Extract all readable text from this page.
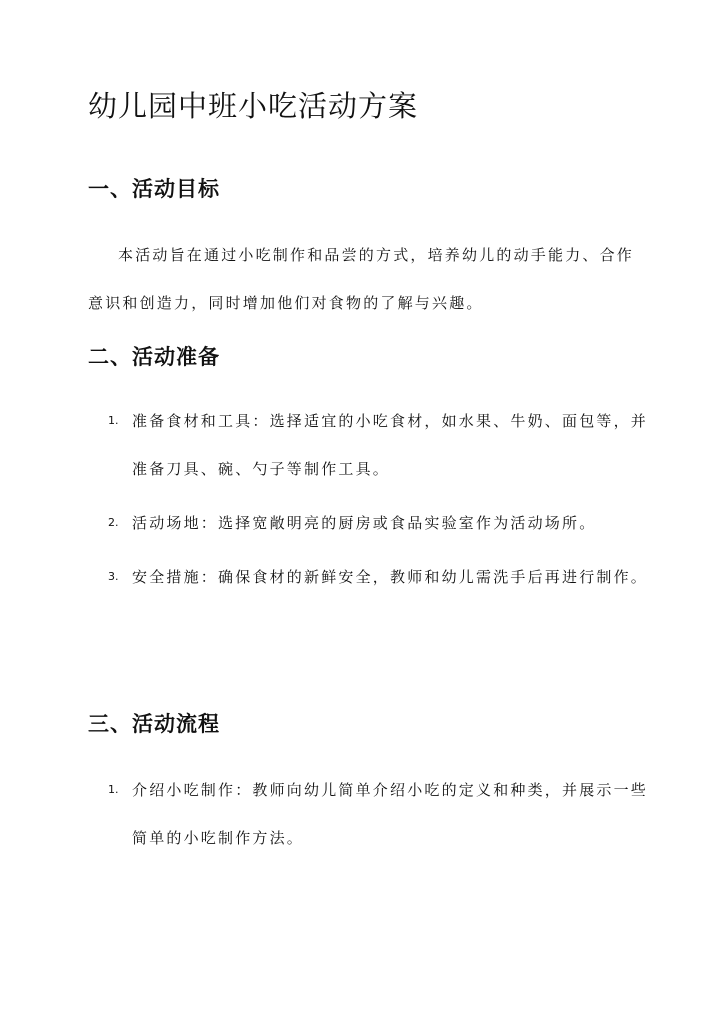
幼儿园中班小吃活动方案
一、活动目标

本活动旨在通过小吃制作和品尝的方式，培养幼儿的动手能力、合作意识和创造力，同时增加他们对食物的了解与兴趣。

二、活动准备
1. 准备食材和工具：选择适宜的小吃食材，如水果、牛奶、面包等，并准备刀具、碗、勺子等制作工具。
2. 活动场地：选择宽敞明亮的厨房或食品实验室作为活动场所。
3. 安全措施：确保食材的新鲜安全，教师和幼儿需洗手后再进行制作。
三、活动流程
1. 介绍小吃制作：教师向幼儿简单介绍小吃的定义和种类，并展示一些简单的小吃制作方法。
